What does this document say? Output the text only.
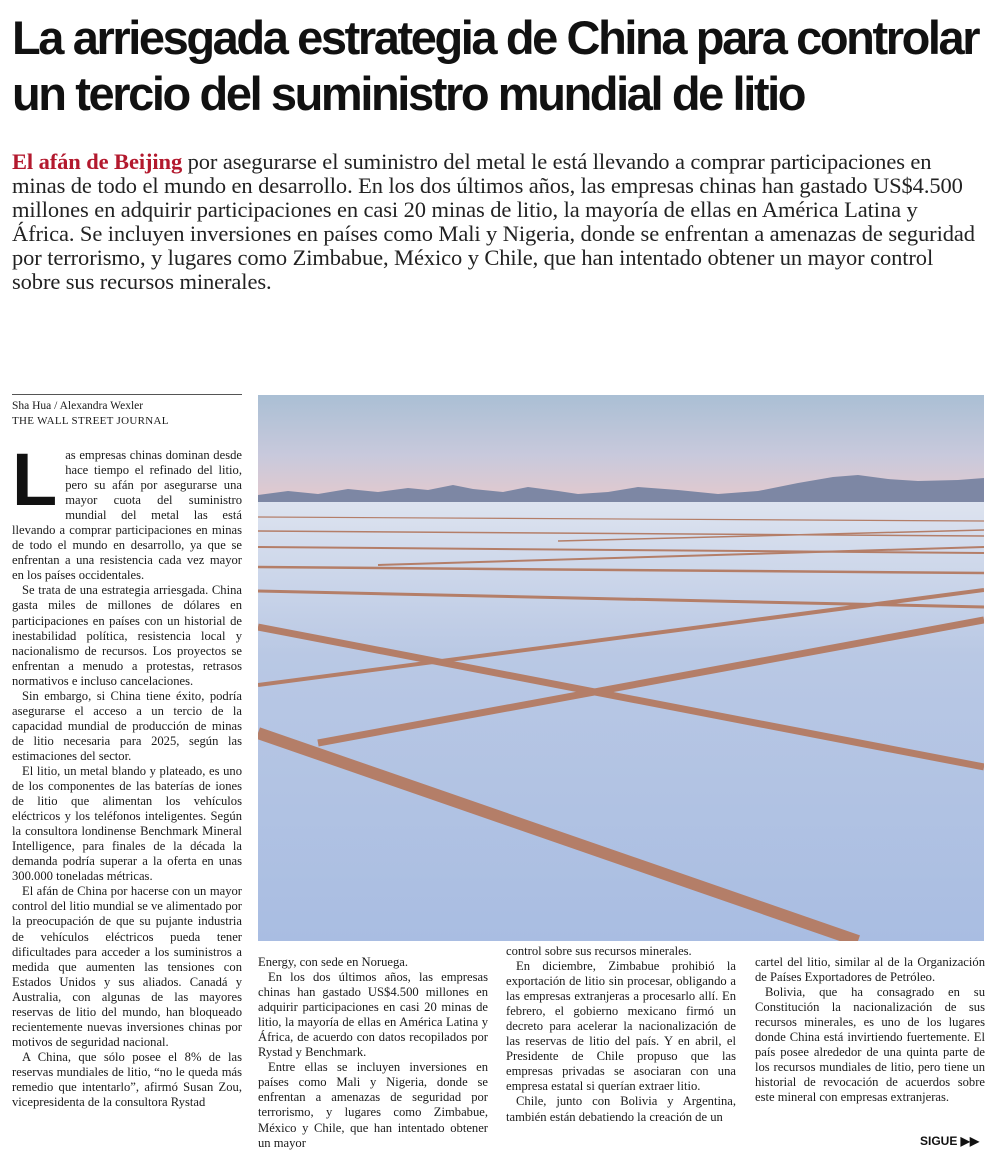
La arriesgada estrategia de China para controlar un tercio del suministro mundial de litio

El afán de Beijing por asegurarse el suministro del metal le está llevando a comprar participaciones en minas de todo el mundo en desarrollo. En los dos últimos años, las empresas chinas han gastado US$4.500 millones en adquirir participaciones en casi 20 minas de litio, la mayoría de ellas en América Latina y África. Se incluyen inversiones en países como Mali y Nigeria, donde se enfrentan a amenazas de seguridad por terrorismo, y lugares como Zimbabue, México y Chile, que han intentado obtener un mayor control sobre sus recursos minerales.

Sha Hua / Alexandra Wexler
THE WALL STREET JOURNAL
L as empresas chinas dominan desde hace tiempo el refinado del litio, pero su afán por asegurarse una mayor cuota del suministro mundial del metal las está llevando a comprar participaciones en minas de todo el mundo en desarrollo, ya que se enfrentan a una resistencia cada vez mayor en los países occidentales.

Se trata de una estrategia arriesgada. China gasta miles de millones de dólares en participaciones en países con un historial de inestabilidad política, resistencia local y nacionalismo de recursos. Los proyectos se enfrentan a menudo a protestas, retrasos normativos e incluso cancelaciones.

Sin embargo, si China tiene éxito, podría asegurarse el acceso a un tercio de la capacidad mundial de producción de minas de litio necesaria para 2025, según las estimaciones del sector.

El litio, un metal blando y plateado, es uno de los componentes de las baterías de iones de litio que alimentan los vehículos eléctricos y los teléfonos inteligentes. Según la consultora londinense Benchmark Mineral Intelligence, para finales de la década la demanda podría superar a la oferta en unas 300.000 toneladas métricas.

El afán de China por hacerse con un mayor control del litio mundial se ve alimentado por la preocupación de que su pujante industria de vehículos eléctricos pueda tener dificultades para acceder a los suministros a medida que aumenten las tensiones con Estados Unidos y sus aliados. Canadá y Australia, con algunas de las mayores reservas de litio del mundo, han bloqueado recientemente nuevas inversiones chinas por motivos de seguridad nacional.

A China, que sólo posee el 8% de las reservas mundiales de litio, “no le queda más remedio que intentarlo”, afirmó Susan Zou, vicepresidenta de la consultora Rystad

Energy, con sede en Noruega.

En los dos últimos años, las empresas chinas han gastado US$4.500 millones en adquirir participaciones en casi 20 minas de litio, la mayoría de ellas en América Latina y África, de acuerdo con datos recopilados por Rystad y Benchmark.

Entre ellas se incluyen inversiones en países como Mali y Nigeria, donde se enfrentan a amenazas de seguridad por terrorismo, y lugares como Zimbabue, México y Chile, que han intentado obtener un mayor

control sobre sus recursos minerales.

En diciembre, Zimbabue prohibió la exportación de litio sin procesar, obligando a las empresas extranjeras a procesarlo allí. En febrero, el gobierno mexicano firmó un decreto para acelerar la nacionalización de las reservas de litio del país. Y en abril, el Presidente de Chile propuso que las empresas privadas se asociaran con una empresa estatal si querían extraer litio.

Chile, junto con Bolivia y Argentina, también están debatiendo la creación de un

cartel del litio, similar al de la Organización de Países Exportadores de Petróleo.

Bolivia, que ha consagrado en su Constitución la nacionalización de sus recursos minerales, es uno de los lugares donde China está invirtiendo fuertemente. El país posee alrededor de una quinta parte de los recursos mundiales de litio, pero tiene un historial de revocación de acuerdos sobre este mineral con empresas extranjeras.

SIGUE ▶▶
